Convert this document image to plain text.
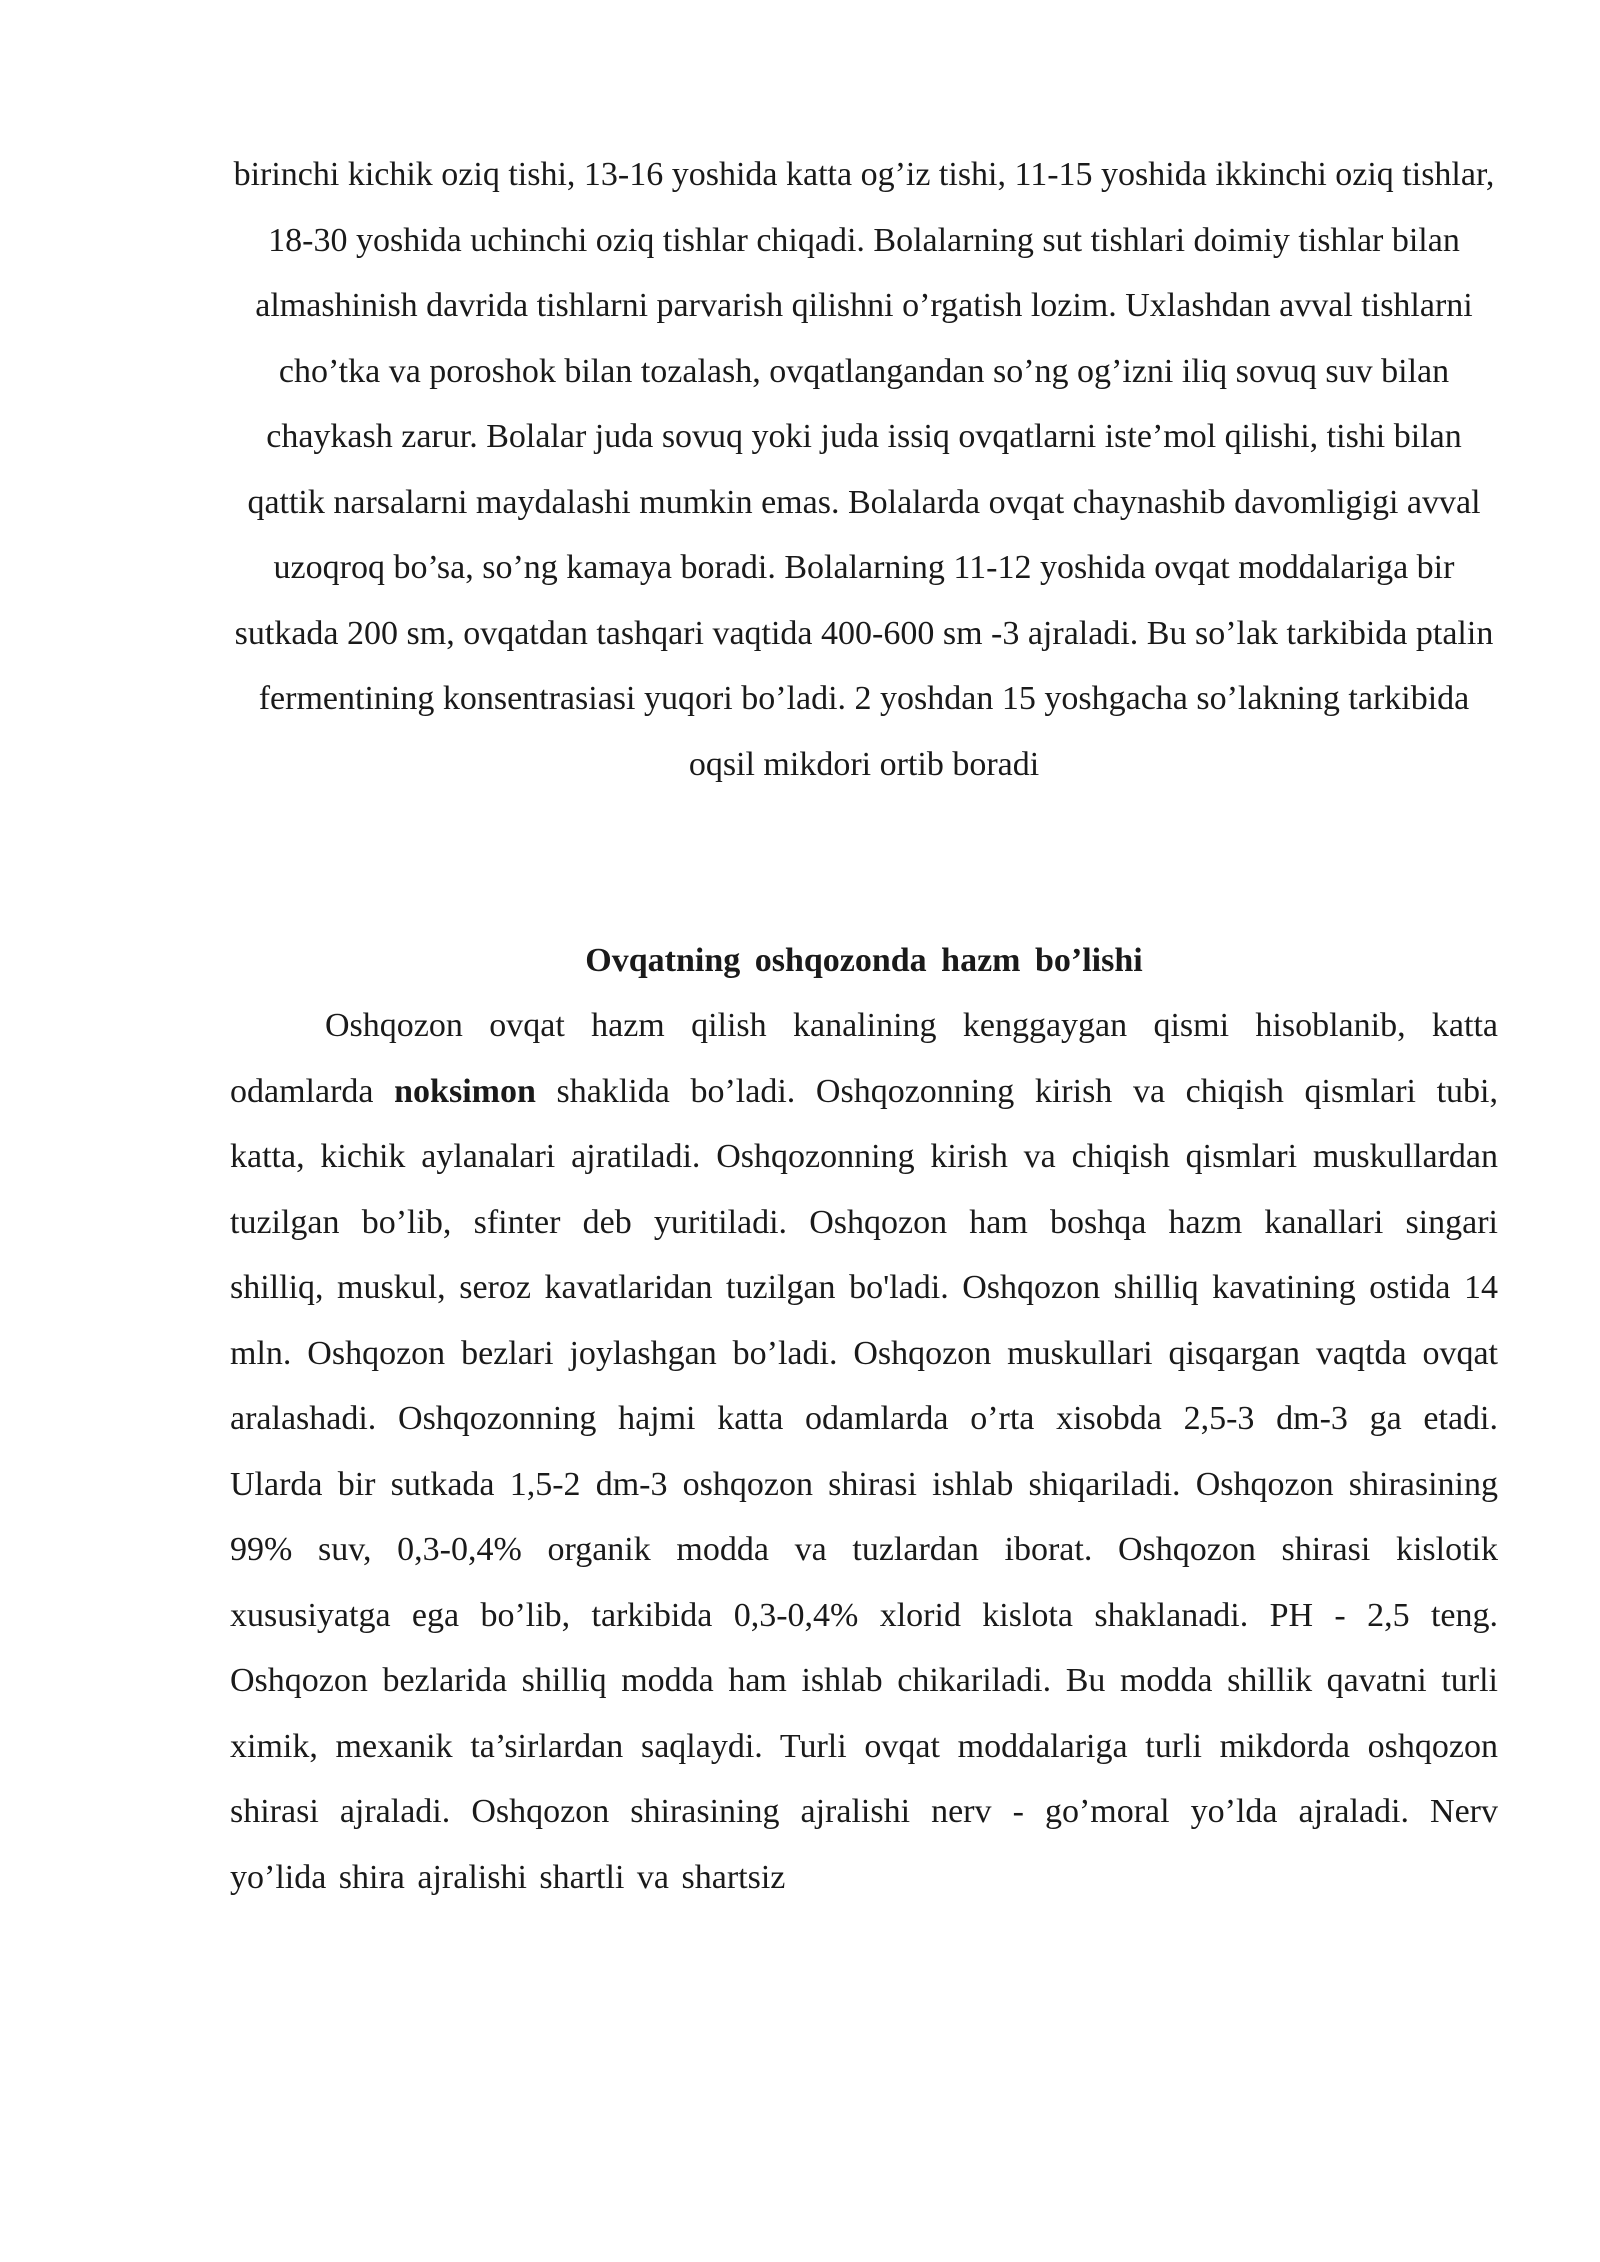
birinchi kichik oziq tishi, 13-16 yoshida katta og’iz tishi, 11-15 yoshida ikkinchi oziq tishlar, 18-30 yoshida uchinchi oziq tishlar chiqadi. Bolalarning sut tishlari doimiy tishlar bilan almashinish davrida tishlarni parvarish qilishni o’rgatish lozim. Uxlashdan avval tishlarni cho’tka va poroshok bilan tozalash, ovqatlangandan so’ng og’izni iliq sovuq suv bilan chaykash zarur. Bolalar juda sovuq yoki juda issiq ovqatlarni iste’mol qilishi, tishi bilan qattik narsalarni maydalashi mumkin emas. Bolalarda ovqat chaynashib davomligigi avval uzoqroq bo’sa, so’ng kamaya boradi. Bolalarning 11-12 yoshida ovqat moddalariga bir sutkada 200 sm, ovqatdan tashqari vaqtida 400-600 sm -3 ajraladi. Bu so’lak tarkibida ptalin fermentining konsentrasiasi yuqori bo’ladi. 2 yoshdan 15 yoshgacha so’lakning tarkibida oqsil mikdori ortib boradi
Ovqatning oshqozonda hazm bo’lishi
Oshqozon ovqat hazm qilish kanalining kenggaygan qismi hisoblanib, katta odamlarda noksimon shaklida bo’ladi. Oshqozonning kirish va chiqish qismlari tubi, katta, kichik aylanalari ajratiladi. Oshqozonning kirish va chiqish qismlari muskullardan tuzilgan bo’lib, sfinter deb yuritiladi. Oshqozon ham boshqa hazm kanallari singari shilliq, muskul, seroz kavatlaridan tuzilgan bo'ladi. Oshqozon shilliq kavatining ostida 14 mln. Oshqozon bezlari joylashgan bo’ladi. Oshqozon muskullari qisqargan vaqtda ovqat aralashadi. Oshqozonning hajmi katta odamlarda o’rta xisobda 2,5-3 dm-3 ga etadi. Ularda bir sutkada 1,5-2 dm-3 oshqozon shirasi ishlab shiqariladi. Oshqozon shirasining 99% suv, 0,3-0,4% organik modda va tuzlardan iborat. Oshqozon shirasi kislotik xususiyatga ega bo’lib, tarkibida 0,3-0,4% xlorid kislota shaklanadi. PH - 2,5 teng. Oshqozon bezlarida shilliq modda ham ishlab chikariladi. Bu modda shillik qavatni turli ximik, mexanik ta’sirlardan saqlaydi. Turli ovqat moddalariga turli mikdorda oshqozon shirasi ajraladi. Oshqozon shirasining ajralishi nerv - go’moral yo’lda ajraladi. Nerv yo’lida shira ajralishi shartli va shartsiz
